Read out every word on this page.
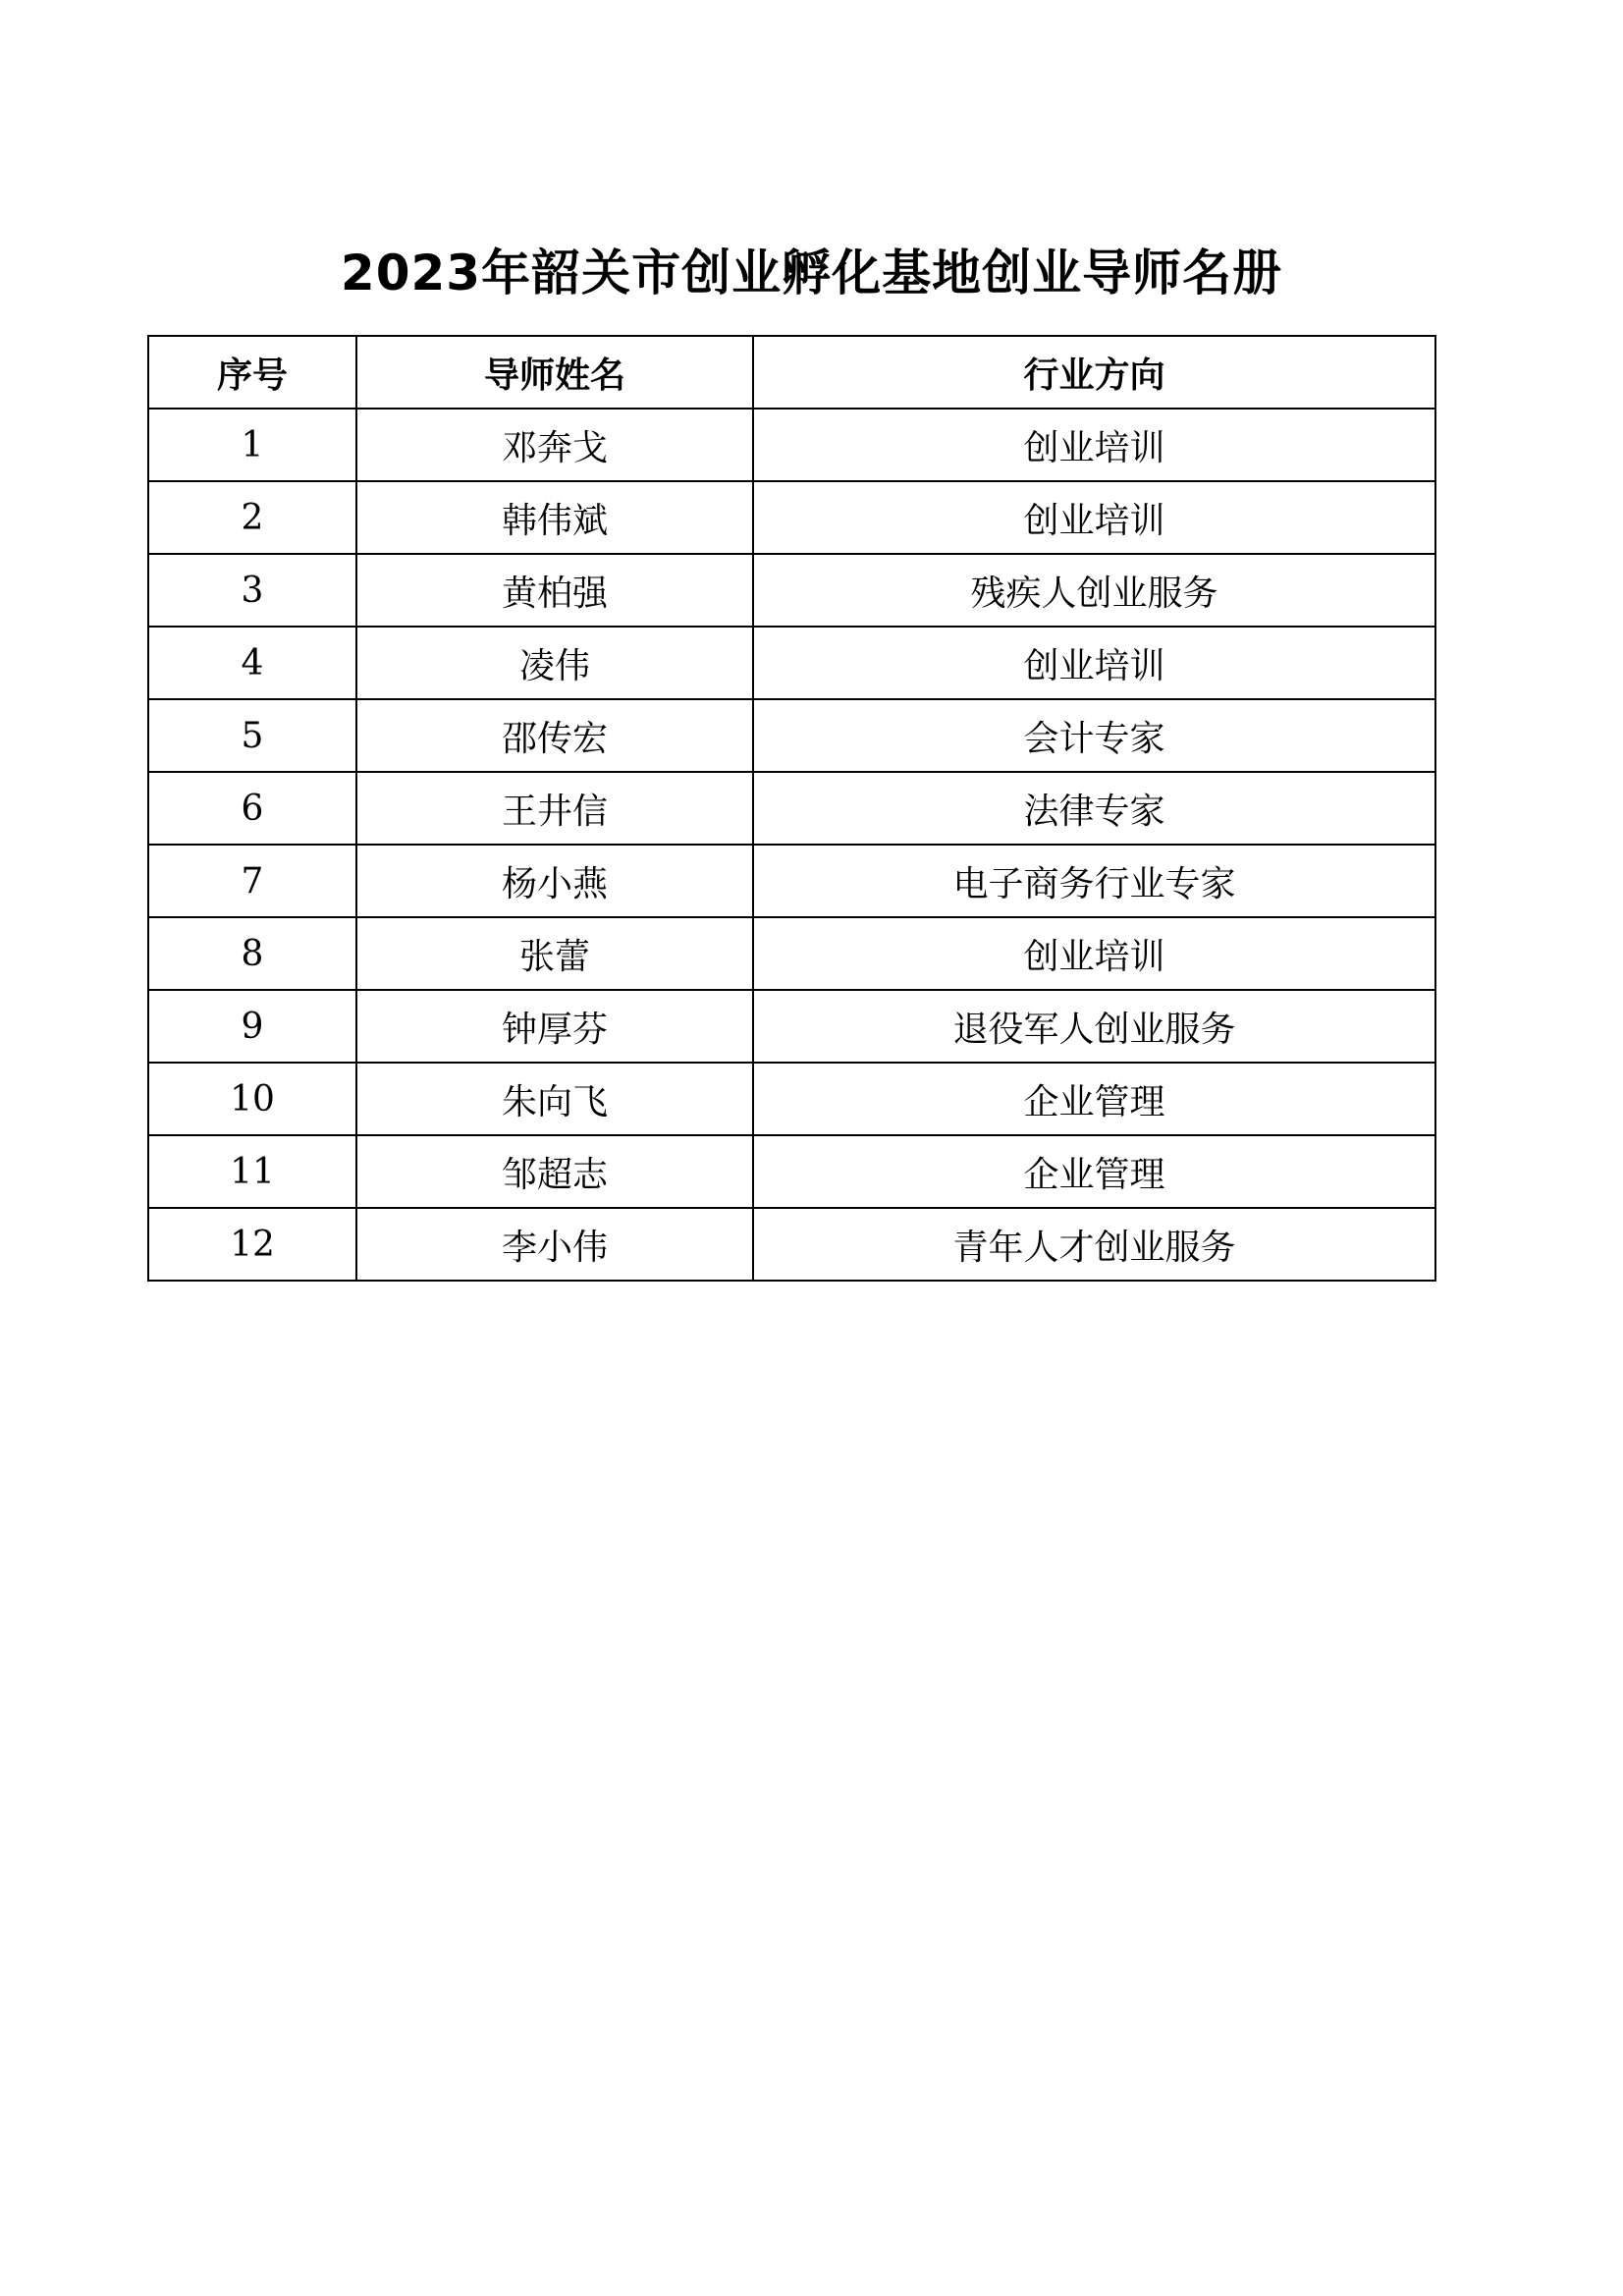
2023年韶关市创业孵化基地创业导师名册
序号	导师姓名	行业方向
1	邓奔戈	创业培训
2	韩伟斌	创业培训
3	黄柏强	残疾人创业服务
4	凌伟	创业培训
5	邵传宏	会计专家
6	王井信	法律专家
7	杨小燕	电子商务行业专家
8	张蕾	创业培训
9	钟厚芬	退役军人创业服务
10	朱向飞	企业管理
11	邹超志	企业管理
12	李小伟	青年人才创业服务
